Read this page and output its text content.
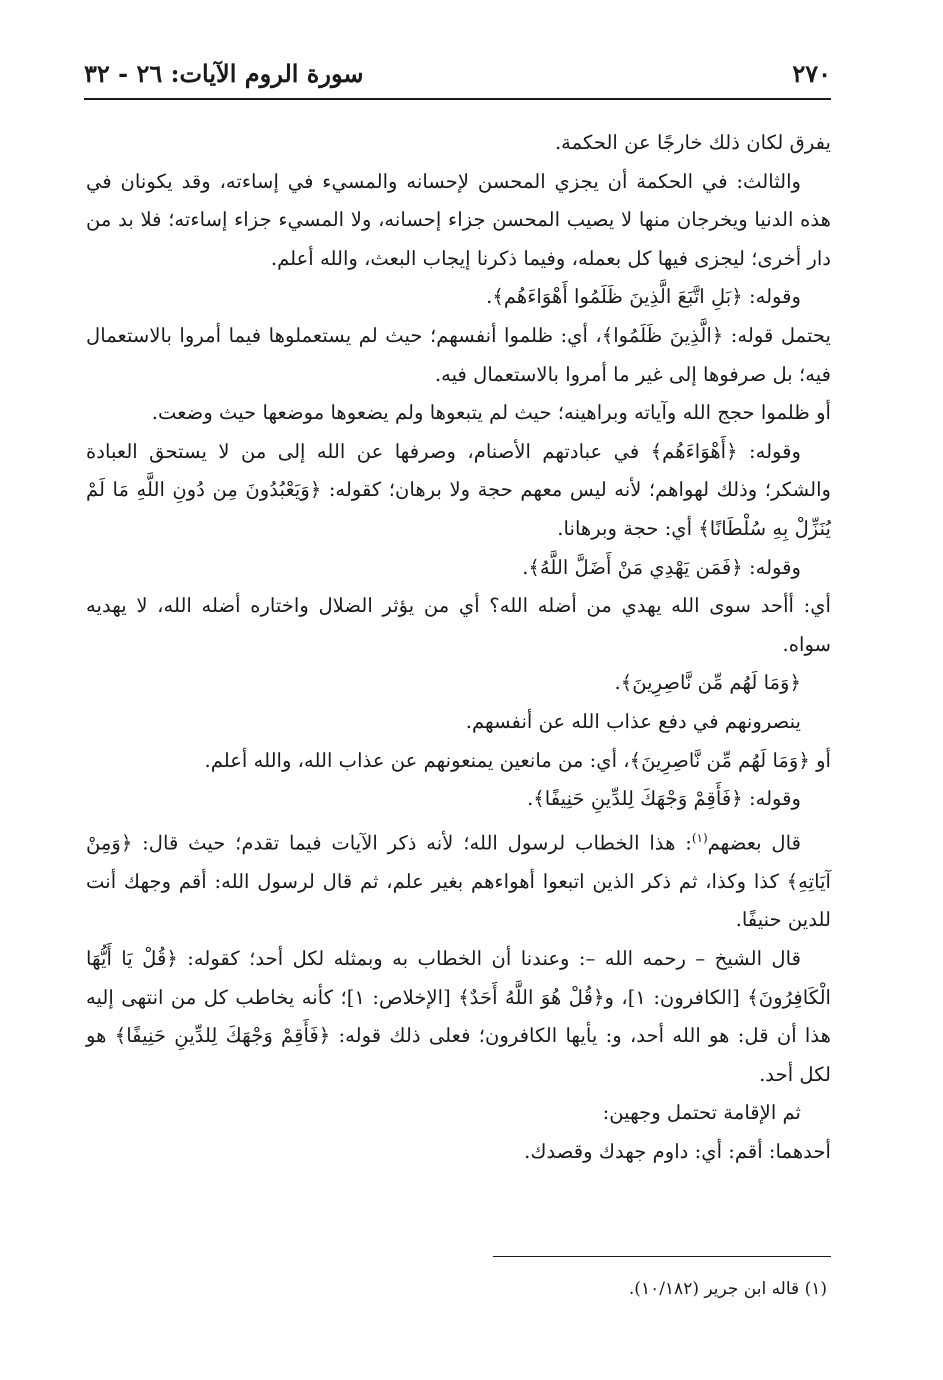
٢٧٠
سورة الروم الآيات: ٢٦ - ٣٢

يفرق لكان ذلك خارجًا عن الحكمة.

والثالث: في الحكمة أن يجزي المحسن لإحسانه والمسيء في إساءته، وقد يكونان في هذه الدنيا ويخرجان منها لا يصيب المحسن جزاء إحسانه، ولا المسيء جزاء إساءته؛ فلا بد من دار أخرى؛ ليجزى فيها كل بعمله، وفيما ذكرنا إيجاب البعث، والله أعلم.

وقوله: ﴿بَلِ اتَّبَعَ الَّذِينَ ظَلَمُوا أَهْوَاءَهُم﴾.

يحتمل قوله: ﴿الَّذِينَ ظَلَمُوا﴾، أي: ظلموا أنفسهم؛ حيث لم يستعملوها فيما أمروا بالاستعمال فيه؛ بل صرفوها إلى غير ما أمروا بالاستعمال فيه.

أو ظلموا حجج الله وآياته وبراهينه؛ حيث لم يتبعوها ولم يضعوها موضعها حيث وضعت.

وقوله: ﴿أَهْوَاءَهُم﴾ في عبادتهم الأصنام، وصرفها عن الله إلى من لا يستحق العبادة والشكر؛ وذلك لهواهم؛ لأنه ليس معهم حجة ولا برهان؛ كقوله: ﴿وَيَعْبُدُونَ مِن دُونِ اللَّهِ مَا لَمْ يُنَزِّلْ بِهِ سُلْطَانًا﴾ أي: حجة وبرهانا.

وقوله: ﴿فَمَن يَهْدِي مَنْ أَضَلَّ اللَّهُ﴾.

أي: أأحد سوى الله يهدي من أضله الله؟ أي من يؤثر الضلال واختاره أضله الله، لا يهديه سواه.

﴿وَمَا لَهُم مِّن نَّاصِرِينَ﴾.

ينصرونهم في دفع عذاب الله عن أنفسهم.

أو ﴿وَمَا لَهُم مِّن نَّاصِرِينَ﴾، أي: من مانعين يمنعونهم عن عذاب الله، والله أعلم.

وقوله: ﴿فَأَقِمْ وَجْهَكَ لِلدِّينِ حَنِيفًا﴾.

قال بعضهم$^{(١)}$: هذا الخطاب لرسول الله؛ لأنه ذكر الآيات فيما تقدم؛ حيث قال: ﴿وَمِنْ آيَاتِهِ﴾ كذا وكذا، ثم ذكر الذين اتبعوا أهواءهم بغير علم، ثم قال لرسول الله: أقم وجهك أنت للدين حنيفًا.

قال الشيخ – رحمه الله –: وعندنا أن الخطاب به وبمثله لكل أحد؛ كقوله: ﴿قُلْ يَا أَيُّهَا الْكَافِرُونَ﴾ [الكافرون: ١]، و﴿قُلْ هُوَ اللَّهُ أَحَدٌ﴾ [الإخلاص: ١]؛ كأنه يخاطب كل من انتهى إليه هذا أن قل: هو الله أحد، و: يأيها الكافرون؛ فعلى ذلك قوله: ﴿فَأَقِمْ وَجْهَكَ لِلدِّينِ حَنِيفًا﴾ هو لكل أحد.

ثم الإقامة تحتمل وجهين:

أحدهما: أقم: أي: داوم جهدك وقصدك.

(١) قاله ابن جرير (١٠/١٨٢).
